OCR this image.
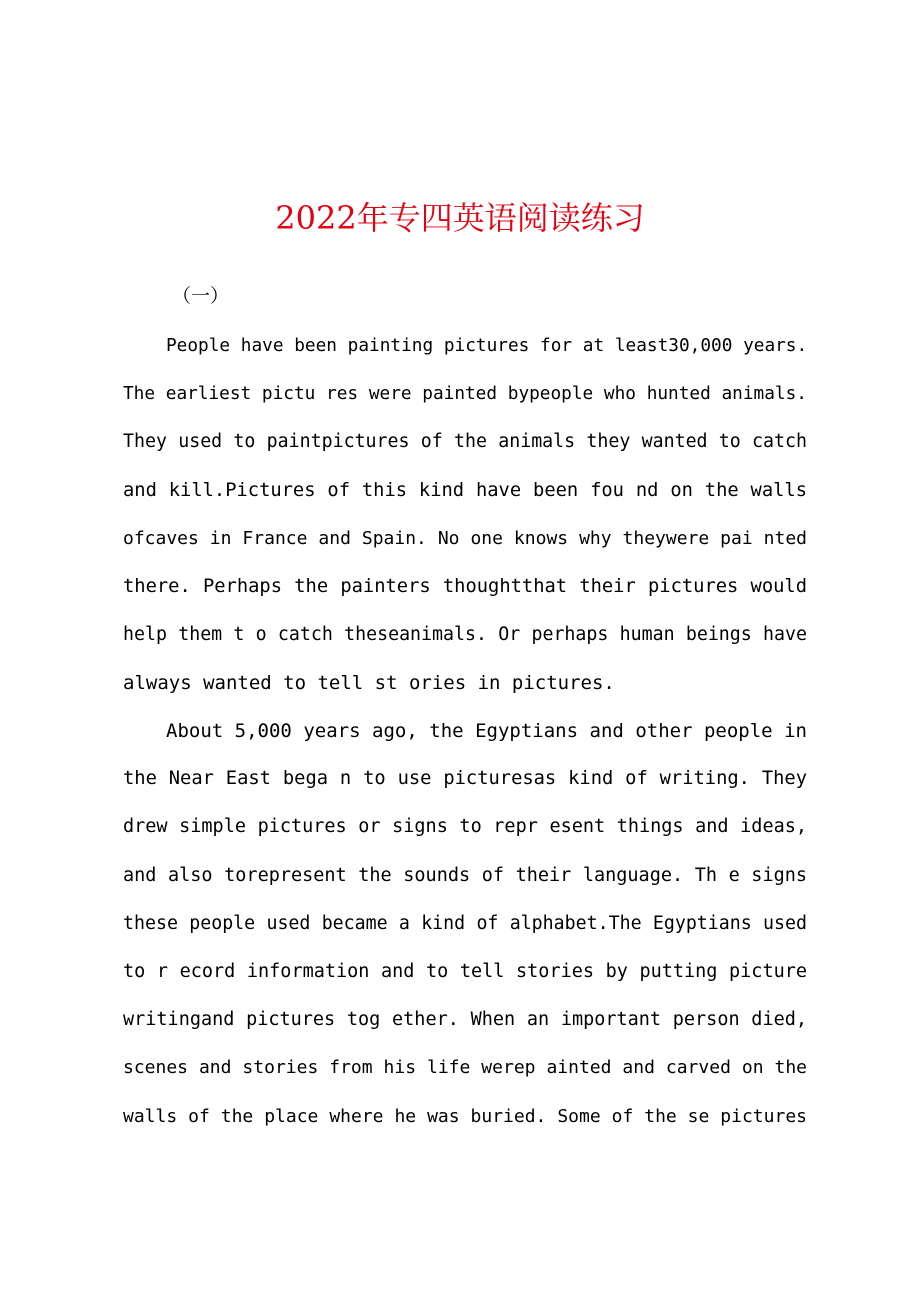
2022年专四英语阅读练习
（一）
People have been painting pictures for at least30,000 years.
The earliest pictu res were painted bypeople who hunted animals.
They used to paintpictures of the animals they wanted to catch
and kill.Pictures of this kind have been fou nd on the walls
ofcaves in France and Spain. No one knows why theywere pai nted
there. Perhaps the painters thoughtthat their pictures would
help them t o catch theseanimals. Or perhaps human beings have
always wanted to tell st ories in pictures.
About 5,000 years ago, the Egyptians and other people in
the Near East bega n to use picturesas kind of writing. They
drew simple pictures or signs to repr esent things and ideas,
and also torepresent the sounds of their language. Th e signs
these people used became a kind of alphabet.The Egyptians used
to r ecord information and to tell stories by putting picture
writingand pictures tog ether. When an important person died,
scenes and stories from his life werep ainted and carved on the
walls of the place where he was buried. Some of the se pictures
